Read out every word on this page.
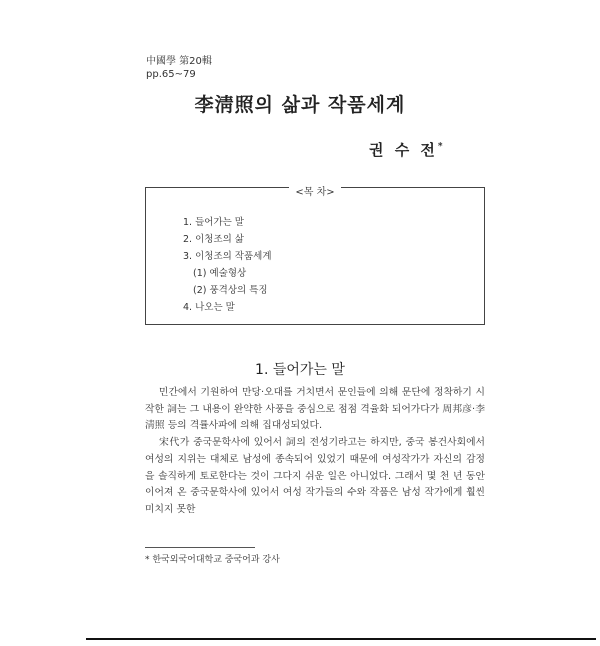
中國學 第20輯
pp.65~79
李淸照의 삶과 작품세계
권 수 전*
<목 차>
1. 들어가는 말
2. 이청조의 삶
3. 이청조의 작품세계
(1) 예술형상
(2) 풍격상의 특징
4. 나오는 말
1. 들어가는 말

민간에서 기원하여 만당·오대를 거치면서 문인들에 의해 문단에 정착하기 시작한 詞는 그 내용이 완약한 사풍을 중심으로 점점 격율화 되어가다가 周邦彦·李淸照 등의 격률사파에 의해 집대성되었다.

宋代가 중국문학사에 있어서 詞의 전성기라고는 하지만, 중국 봉건사회에서 여성의 지위는 대체로 남성에 종속되어 있었기 때문에 여성작가가 자신의 감정을 솔직하게 토로한다는 것이 그다지 쉬운 일은 아니었다. 그래서 몇 천 년 동안 이어져 온 중국문학사에 있어서 여성 작가들의 수와 작품은 남성 작가에게 훨씬 미치지 못한

* 한국외국어대학교 중국어과 강사
